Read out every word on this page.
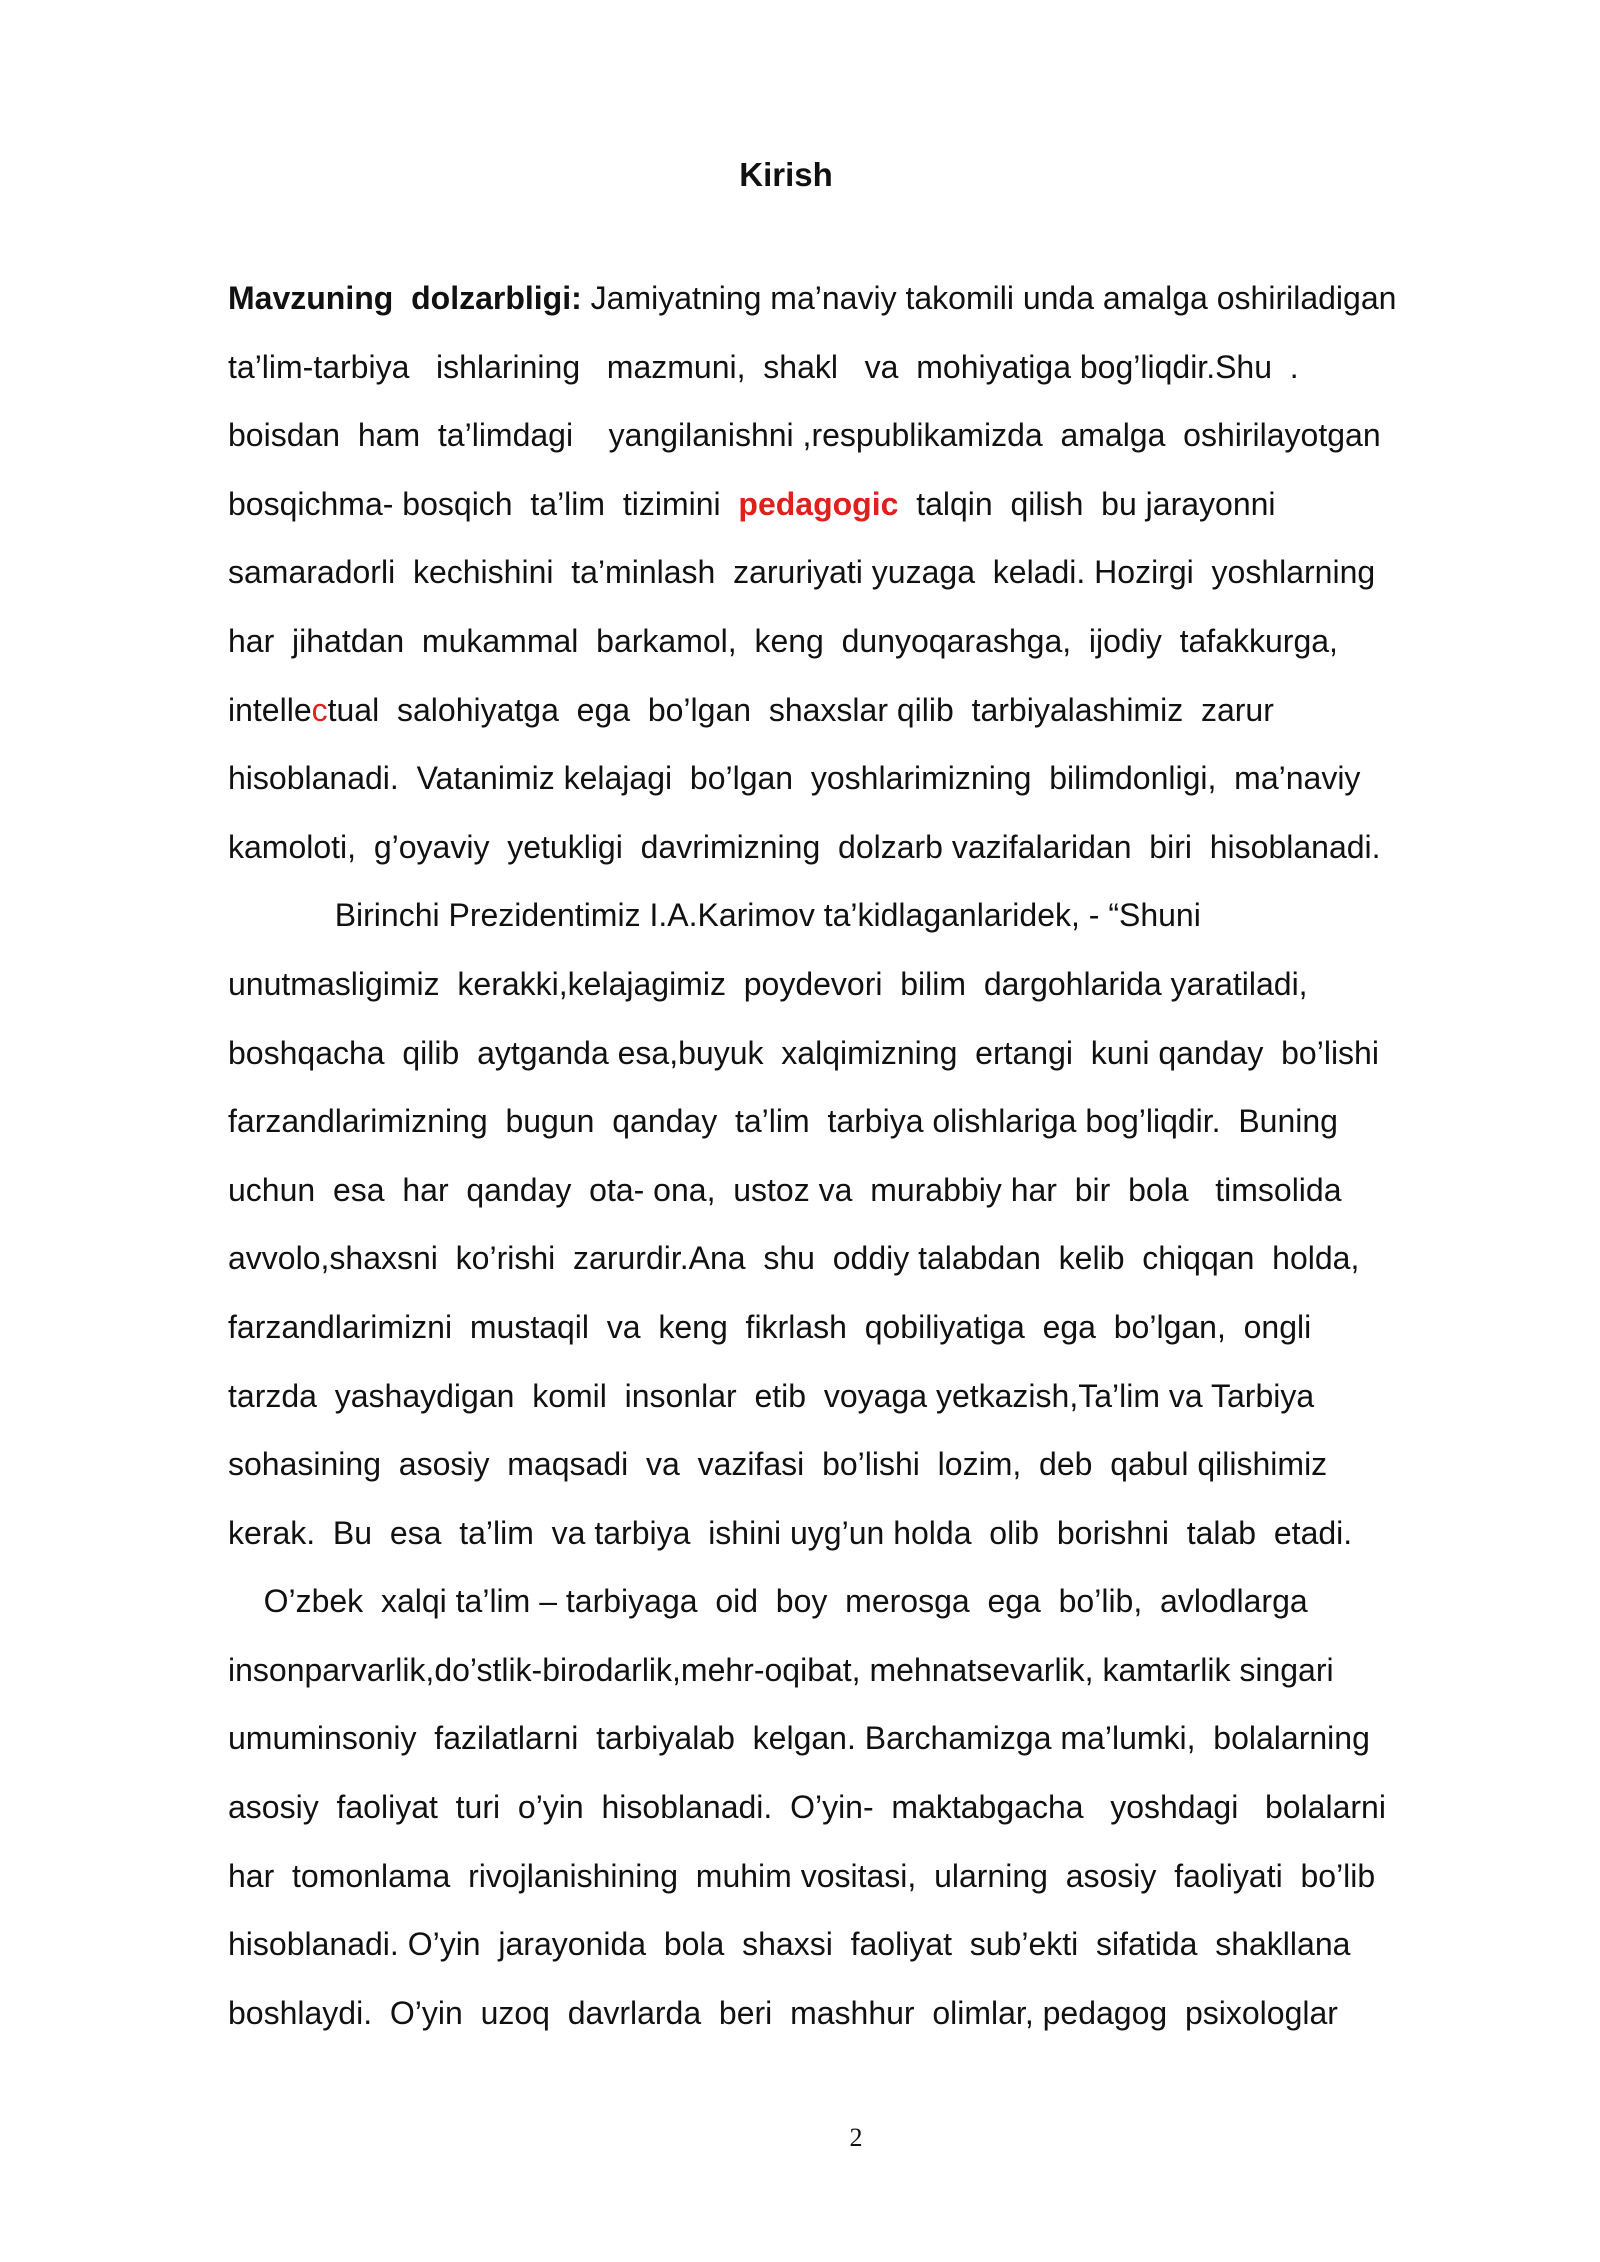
Kirish
Mavzuning  dolzarbligi: Jamiyatning ma’naviy takomili unda amalga oshiriladigan
ta’lim-tarbiya   ishlarining   mazmuni,  shakl   va  mohiyatiga bog’liqdir.Shu  .
boisdan  ham  ta’limdagi    yangilanishni ,respublikamizda  amalga  oshirilayotgan
bosqichma- bosqich  ta’lim  tizimini  pedagogic  talqin  qilish  bu jarayonni
samaradorli  kechishini  ta’minlash  zaruriyati yuzaga  keladi. Hozirgi  yoshlarning
har  jihatdan  mukammal  barkamol,  keng  dunyoqarashga,  ijodiy  tafakkurga,
intellectual  salohiyatga  ega  bo’lgan  shaxslar qilib  tarbiyalashimiz  zarur
hisoblanadi.  Vatanimiz kelajagi  bo’lgan  yoshlarimizning  bilimdonligi,  ma’naviy
kamoloti,  g’oyaviy  yetukligi  davrimizning  dolzarb vazifalaridan  biri  hisoblanadi.
Birinchi Prezidentimiz I.A.Karimov ta’kidlaganlaridek, - “Shuni
unutmasligimiz  kerakki,kelajagimiz  poydevori  bilim  dargohlarida yaratiladi,
boshqacha  qilib  aytganda esa,buyuk  xalqimizning  ertangi  kuni qanday  bo’lishi
farzandlarimizning  bugun  qanday  ta’lim  tarbiya olishlariga bog’liqdir.  Buning
uchun  esa  har  qanday  ota- ona,  ustoz va  murabbiy har  bir  bola   timsolida
avvolo,shaxsni  ko’rishi  zarurdir.Ana  shu  oddiy talabdan  kelib  chiqqan  holda,
farzandlarimizni  mustaqil  va  keng  fikrlash  qobiliyatiga  ega  bo’lgan,  ongli
tarzda  yashaydigan  komil  insonlar  etib  voyaga yetkazish,Ta’lim va Tarbiya
sohasining  asosiy  maqsadi  va  vazifasi  bo’lishi  lozim,  deb  qabul qilishimiz
kerak.  Bu  esa  ta’lim  va tarbiya  ishini uyg’un holda  olib  borishni  talab  etadi.
O’zbek  xalqi ta’lim – tarbiyaga  oid  boy  merosga  ega  bo’lib,  avlodlarga
insonparvarlik,do’stlik-birodarlik,mehr-oqibat, mehnatsevarlik, kamtarlik singari
umuminsoniy  fazilatlarni  tarbiyalab  kelgan. Barchamizga ma’lumki,  bolalarning
asosiy  faoliyat  turi  o’yin  hisoblanadi.  O’yin-  maktabgacha   yoshdagi   bolalarni
har  tomonlama  rivojlanishining  muhim vositasi,  ularning  asosiy  faoliyati  bo’lib
hisoblanadi. O’yin  jarayonida  bola  shaxsi  faoliyat  sub’ekti  sifatida  shakllana
boshlaydi.  O’yin  uzoq  davrlarda  beri  mashhur  olimlar, pedagog  psixologlar
2
